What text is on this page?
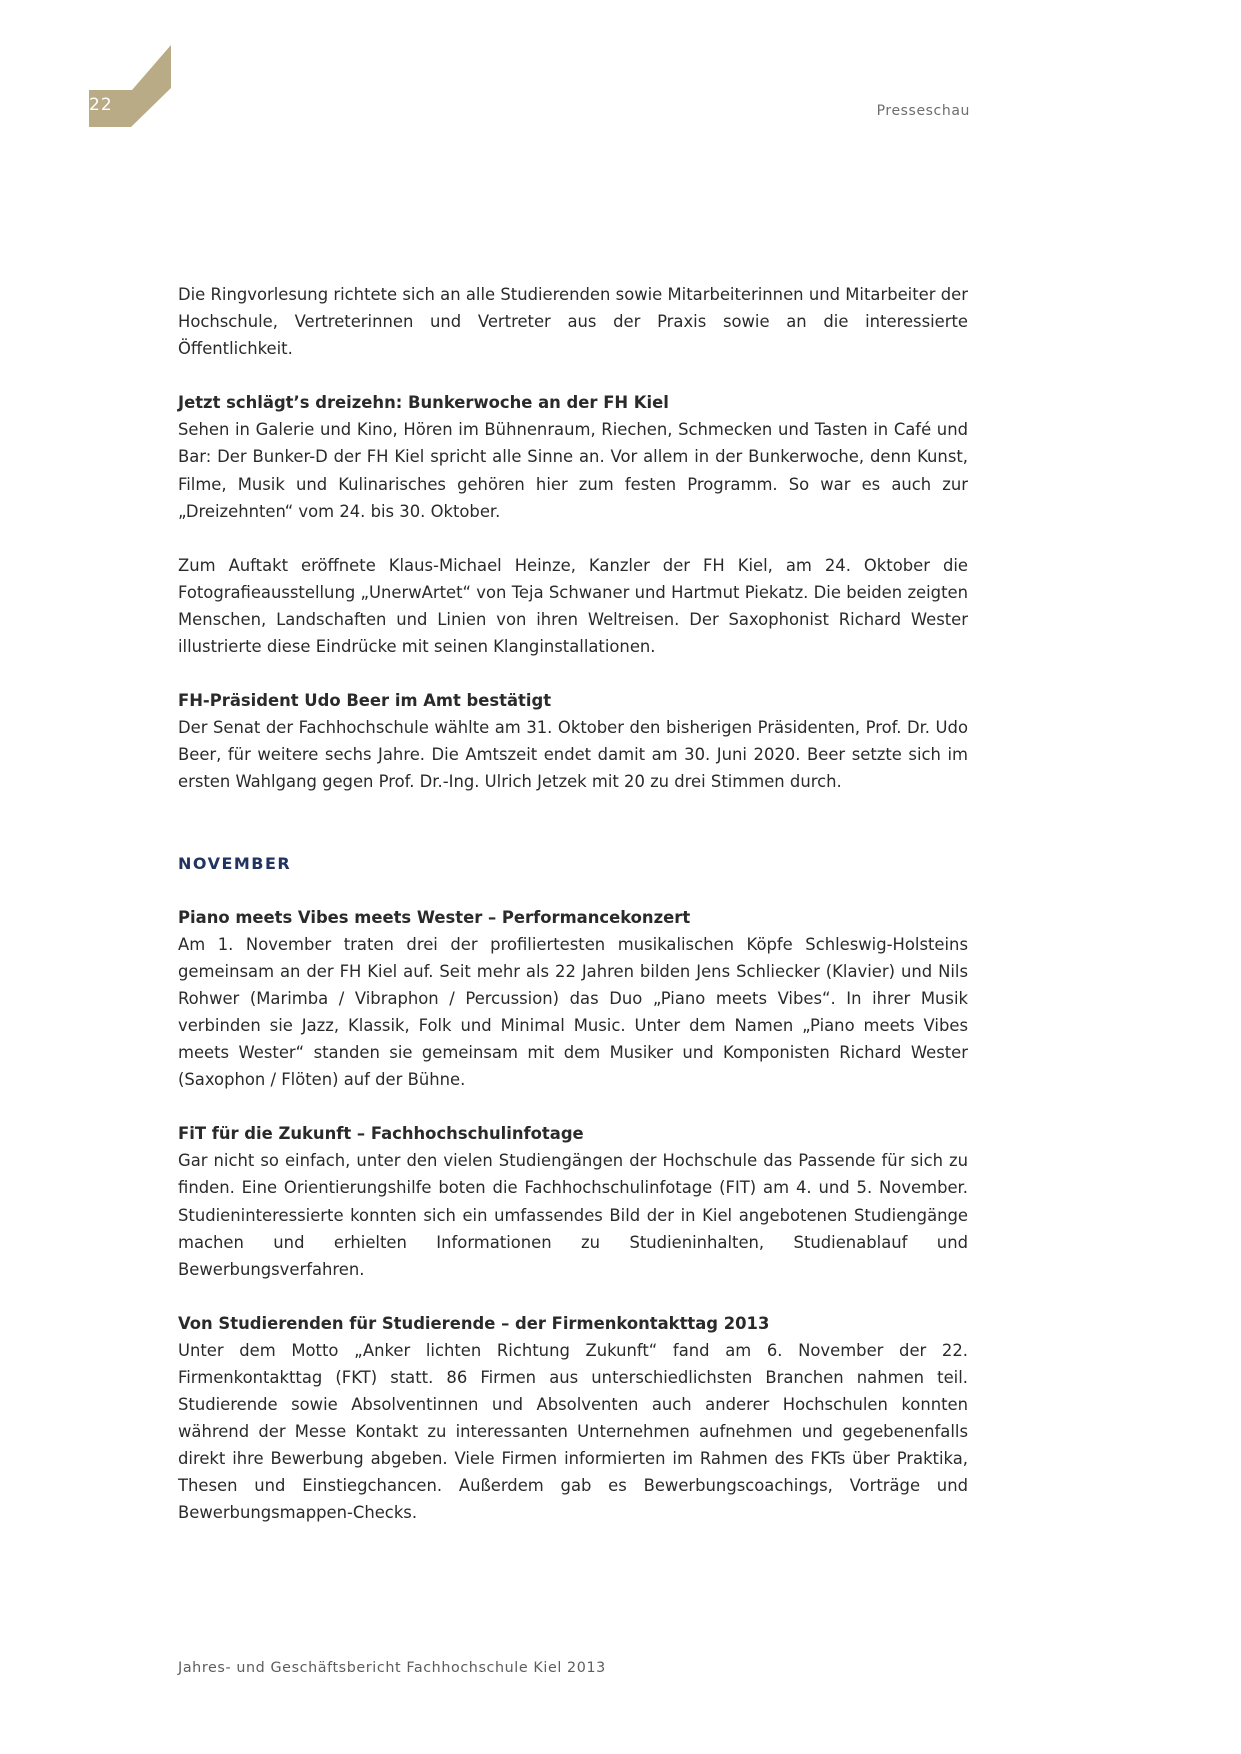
22	Presseschau

Die Ringvorlesung richtete sich an alle Studierenden sowie Mitarbeiterinnen und Mitarbeiter der Hochschule, Vertreterinnen und Vertreter aus der Praxis sowie an die interessierte Öffentlichkeit.

Jetzt schlägt’s dreizehn: Bunkerwoche an der FH Kiel

Sehen in Galerie und Kino, Hören im Bühnenraum, Riechen, Schmecken und Tasten in Café und Bar: Der Bunker-D der FH Kiel spricht alle Sinne an. Vor allem in der Bunkerwoche, denn Kunst, Filme, Musik und Kulinarisches gehören hier zum festen Programm. So war es auch zur „Dreizehnten“ vom 24. bis 30. Oktober.

Zum Auftakt eröffnete Klaus-Michael Heinze, Kanzler der FH Kiel, am 24. Oktober die Fotografieausstellung „UnerwArtet“ von Teja Schwaner und Hartmut Piekatz. Die beiden zeigten Menschen, Landschaften und Linien von ihren Weltreisen. Der Saxophonist Richard Wester illustrierte diese Eindrücke mit seinen Klanginstallationen.

FH-Präsident Udo Beer im Amt bestätigt

Der Senat der Fachhochschule wählte am 31. Oktober den bisherigen Präsidenten, Prof. Dr. Udo Beer, für weitere sechs Jahre. Die Amtszeit endet damit am 30. Juni 2020. Beer setzte sich im ersten Wahlgang gegen Prof. Dr.-Ing. Ulrich Jetzek mit 20 zu drei Stimmen durch.

NOVEMBER

Piano meets Vibes meets Wester – Performancekonzert

Am 1. November traten drei der profiliertesten musikalischen Köpfe Schleswig-Holsteins gemeinsam an der FH Kiel auf. Seit mehr als 22 Jahren bilden Jens Schliecker (Klavier) und Nils Rohwer (Marimba / Vibraphon / Percussion) das Duo „Piano meets Vibes“. In ihrer Musik verbinden sie Jazz, Klassik, Folk und Minimal Music. Unter dem Namen „Piano meets Vibes meets Wester“ standen sie gemeinsam mit dem Musiker und Komponisten Richard Wester (Saxophon / Flöten) auf der Bühne.

FiT für die Zukunft – Fachhochschulinfotage

Gar nicht so einfach, unter den vielen Studiengängen der Hochschule das Passende für sich zu finden. Eine Orientierungshilfe boten die Fachhochschulinfotage (FIT) am 4. und 5. November. Studieninteressierte konnten sich ein umfassendes Bild der in Kiel angebotenen Studiengänge machen und erhielten Informationen zu Studieninhalten, Studienablauf und Bewerbungsverfahren.

Von Studierenden für Studierende – der Firmenkontakttag 2013

Unter dem Motto „Anker lichten Richtung Zukunft“ fand am 6. November der 22. Firmenkontakttag (FKT) statt. 86 Firmen aus unterschiedlichsten Branchen nahmen teil. Studierende sowie Absolventinnen und Absolventen auch anderer Hochschulen konnten während der Messe Kontakt zu interessanten Unternehmen aufnehmen und gegebenenfalls direkt ihre Bewerbung abgeben. Viele Firmen informierten im Rahmen des FKTs über Praktika, Thesen und Einstiegchancen. Außerdem gab es Bewerbungscoachings, Vorträge und Bewerbungsmappen-Checks.

Jahres- und Geschäftsbericht Fachhochschule Kiel 2013
